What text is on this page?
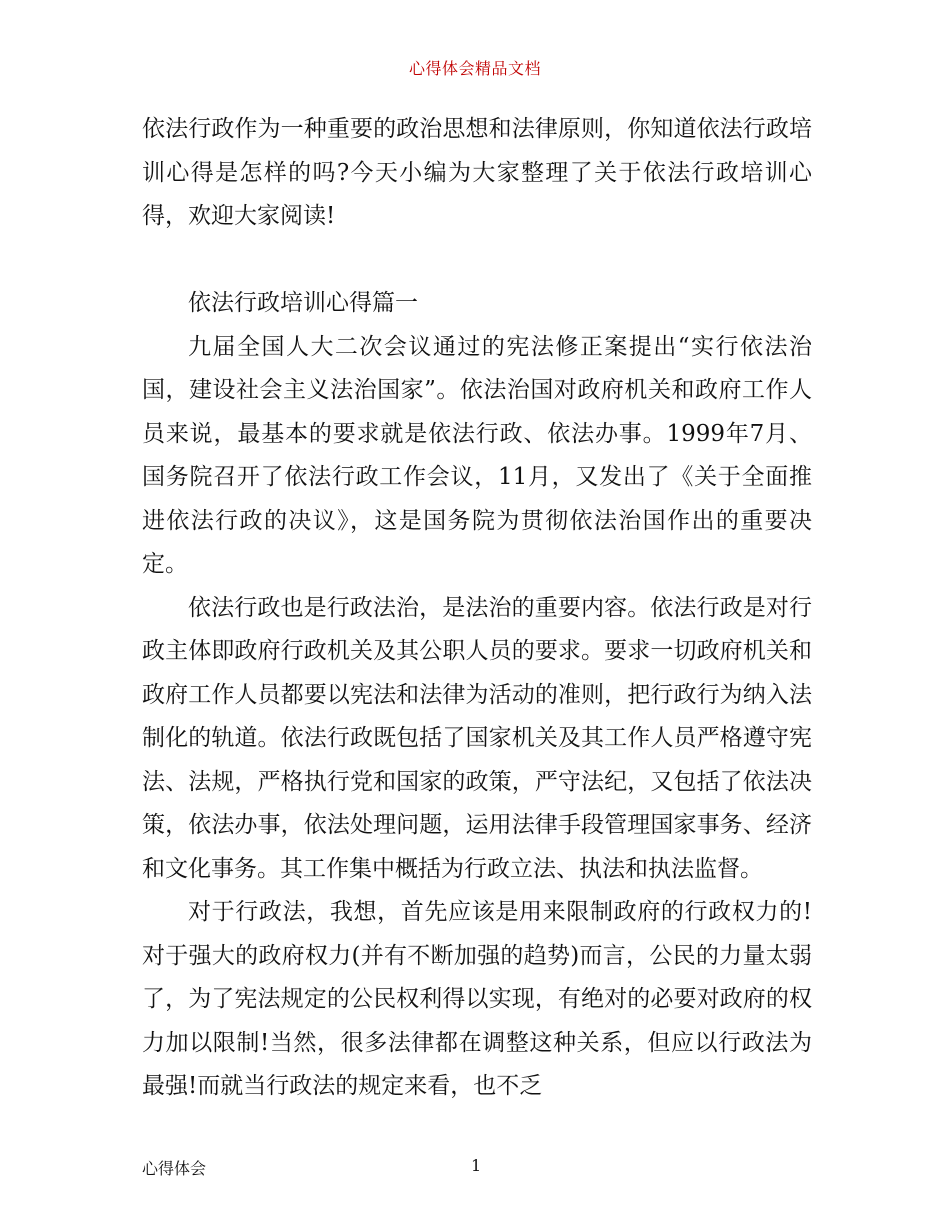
心得体会精品文档

依法行政作为一种重要的政治思想和法律原则，你知道依法行政培训心得是怎样的吗?今天小编为大家整理了关于依法行政培训心得，欢迎大家阅读!

依法行政培训心得篇一

九届全国人大二次会议通过的宪法修正案提出“实行依法治国，建设社会主义法治国家”。依法治国对政府机关和政府工作人员来说，最基本的要求就是依法行政、依法办事。1999年7月、国务院召开了依法行政工作会议，11月，又发出了《关于全面推进依法行政的决议》，这是国务院为贯彻依法治国作出的重要决定。

依法行政也是行政法治，是法治的重要内容。依法行政是对行政主体即政府行政机关及其公职人员的要求。要求一切政府机关和政府工作人员都要以宪法和法律为活动的准则，把行政行为纳入法制化的轨道。依法行政既包括了国家机关及其工作人员严格遵守宪法、法规，严格执行党和国家的政策，严守法纪，又包括了依法决策，依法办事，依法处理问题，运用法律手段管理国家事务、经济和文化事务。其工作集中概括为行政立法、执法和执法监督。

对于行政法，我想，首先应该是用来限制政府的行政权力的!对于强大的政府权力(并有不断加强的趋势)而言，公民的力量太弱了，为了宪法规定的公民权利得以实现，有绝对的必要对政府的权力加以限制!当然，很多法律都在调整这种关系，但应以行政法为最强!而就当行政法的规定来看，也不乏

心得体会	1
